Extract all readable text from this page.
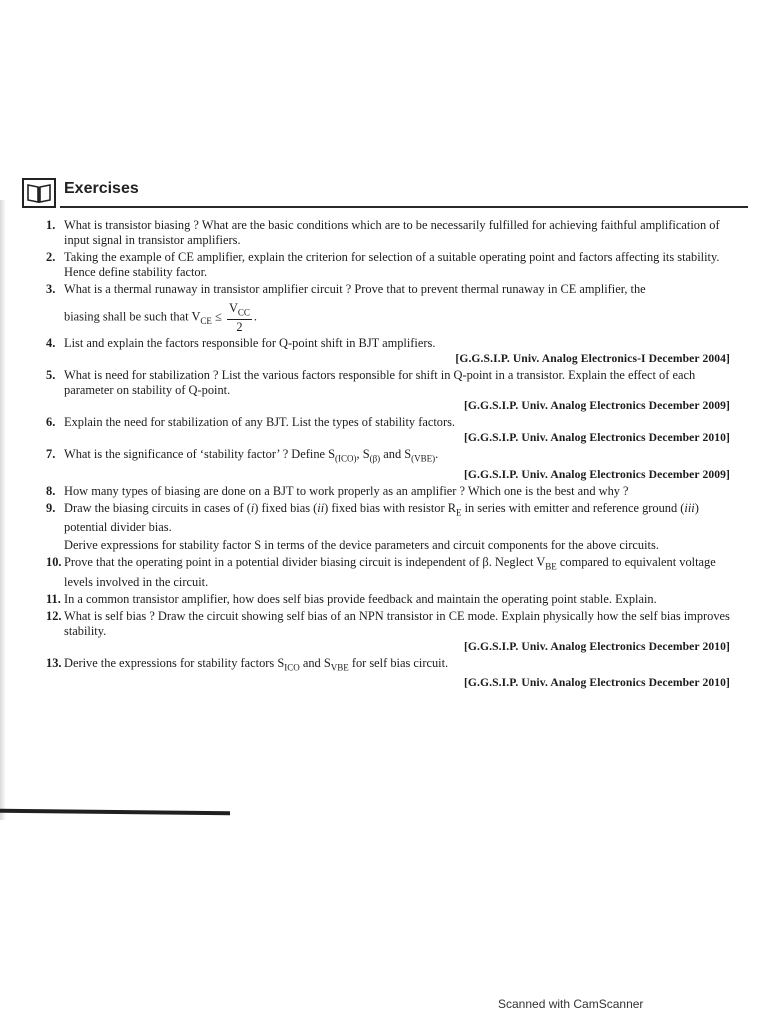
Exercises
1. What is transistor biasing ? What are the basic conditions which are to be necessarily fulfilled for achieving faithful amplification of input signal in transistor amplifiers.
2. Taking the example of CE amplifier, explain the criterion for selection of a suitable operating point and factors affecting its stability. Hence define stability factor.
3. What is a thermal runaway in transistor amplifier circuit ? Prove that to prevent thermal runaway in CE amplifier, the
biasing shall be such that $V_{CE} \le \frac{V_{CC}}{2}$ .
4. List and explain the factors responsible for Q-point shift in BJT amplifiers.
[G.G.S.I.P. Univ. Analog Electronics-I December 2004]
5. What is need for stabilization ? List the various factors responsible for shift in Q-point in a transistor. Explain the effect of each parameter on stability of Q-point.
[G.G.S.I.P. Univ. Analog Electronics December 2009]
6. Explain the need for stabilization of any BJT. List the types of stability factors.
[G.G.S.I.P. Univ. Analog Electronics December 2010]
7. What is the significance of ‘stability factor’ ? Define $S_{(ICO)}$, $S_{(\beta)}$ and $S_{(VBE)}$.
[G.G.S.I.P. Univ. Analog Electronics December 2009]
8. How many types of biasing are done on a BJT to work properly as an amplifier ? Which one is the best and why ?
9. Draw the biasing circuits in cases of (i) fixed bias (ii) fixed bias with resistor $R_E$ in series with emitter and reference ground (iii) potential divider bias.
Derive expressions for stability factor S in terms of the device parameters and circuit components for the above circuits.
10. Prove that the operating point in a potential divider biasing circuit is independent of β. Neglect $V_{BE}$ compared to equivalent voltage levels involved in the circuit.
11. In a common transistor amplifier, how does self bias provide feedback and maintain the operating point stable. Explain.
12. What is self bias ? Draw the circuit showing self bias of an NPN transistor in CE mode. Explain physically how the self bias improves stability.
[G.G.S.I.P. Univ. Analog Electronics December 2010]
13. Derive the expressions for stability factors $S_{ICO}$ and $S_{VBE}$ for self bias circuit.
[G.G.S.I.P. Univ. Analog Electronics December 2010]
Scanned with CamScanner
